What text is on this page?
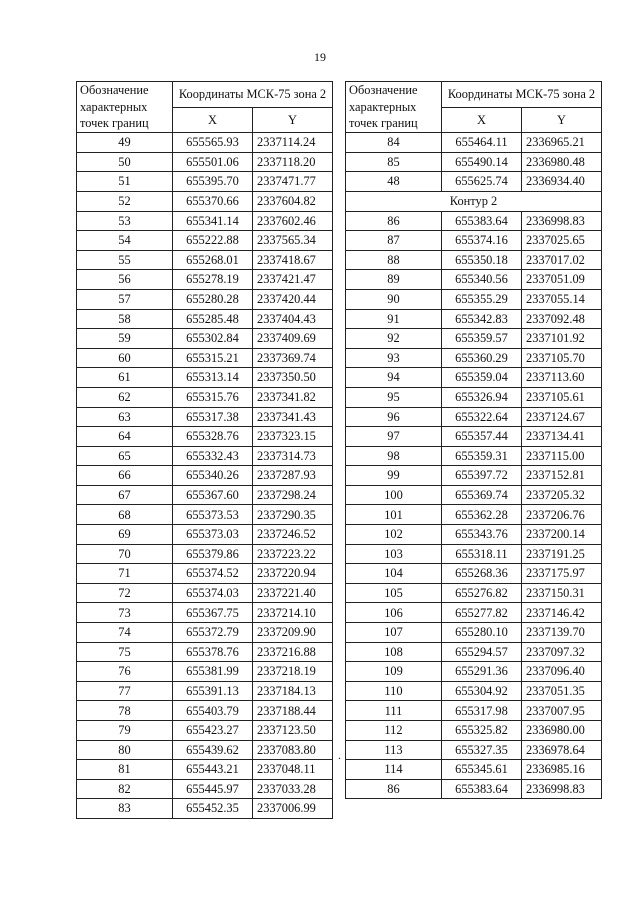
19
Обозначение характерных точек границ	Координаты МСК-75 зона 2	
	X	Y
49	655565.93	2337114.24
50	655501.06	2337118.20
51	655395.70	2337471.77
52	655370.66	2337604.82
53	655341.14	2337602.46
54	655222.88	2337565.34
55	655268.01	2337418.67
56	655278.19	2337421.47
57	655280.28	2337420.44
58	655285.48	2337404.43
59	655302.84	2337409.69
60	655315.21	2337369.74
61	655313.14	2337350.50
62	655315.76	2337341.82
63	655317.38	2337341.43
64	655328.76	2337323.15
65	655332.43	2337314.73
66	655340.26	2337287.93
67	655367.60	2337298.24
68	655373.53	2337290.35
69	655373.03	2337246.52
70	655379.86	2337223.22
71	655374.52	2337220.94
72	655374.03	2337221.40
73	655367.75	2337214.10
74	655372.79	2337209.90
75	655378.76	2337216.88
76	655381.99	2337218.19
77	655391.13	2337184.13
78	655403.79	2337188.44
79	655423.27	2337123.50
80	655439.62	2337083.80
81	655443.21	2337048.11
82	655445.97	2337033.28
83	655452.35	2337006.99
Обозначение характерных точек границ	Координаты МСК-75 зона 2	
	X	Y
84	655464.11	2336965.21
85	655490.14	2336980.48
48	655625.74	2336934.40
Контур 2		
86	655383.64	2336998.83
87	655374.16	2337025.65
88	655350.18	2337017.02
89	655340.56	2337051.09
90	655355.29	2337055.14
91	655342.83	2337092.48
92	655359.57	2337101.92
93	655360.29	2337105.70
94	655359.04	2337113.60
95	655326.94	2337105.61
96	655322.64	2337124.67
97	655357.44	2337134.41
98	655359.31	2337115.00
99	655397.72	2337152.81
100	655369.74	2337205.32
101	655362.28	2337206.76
102	655343.76	2337200.14
103	655318.11	2337191.25
104	655268.36	2337175.97
105	655276.82	2337150.31
106	655277.82	2337146.42
107	655280.10	2337139.70
108	655294.57	2337097.32
109	655291.36	2337096.40
110	655304.92	2337051.35
111	655317.98	2337007.95
112	655325.82	2336980.00
113	655327.35	2336978.64
114	655345.61	2336985.16
86	655383.64	2336998.83
.
